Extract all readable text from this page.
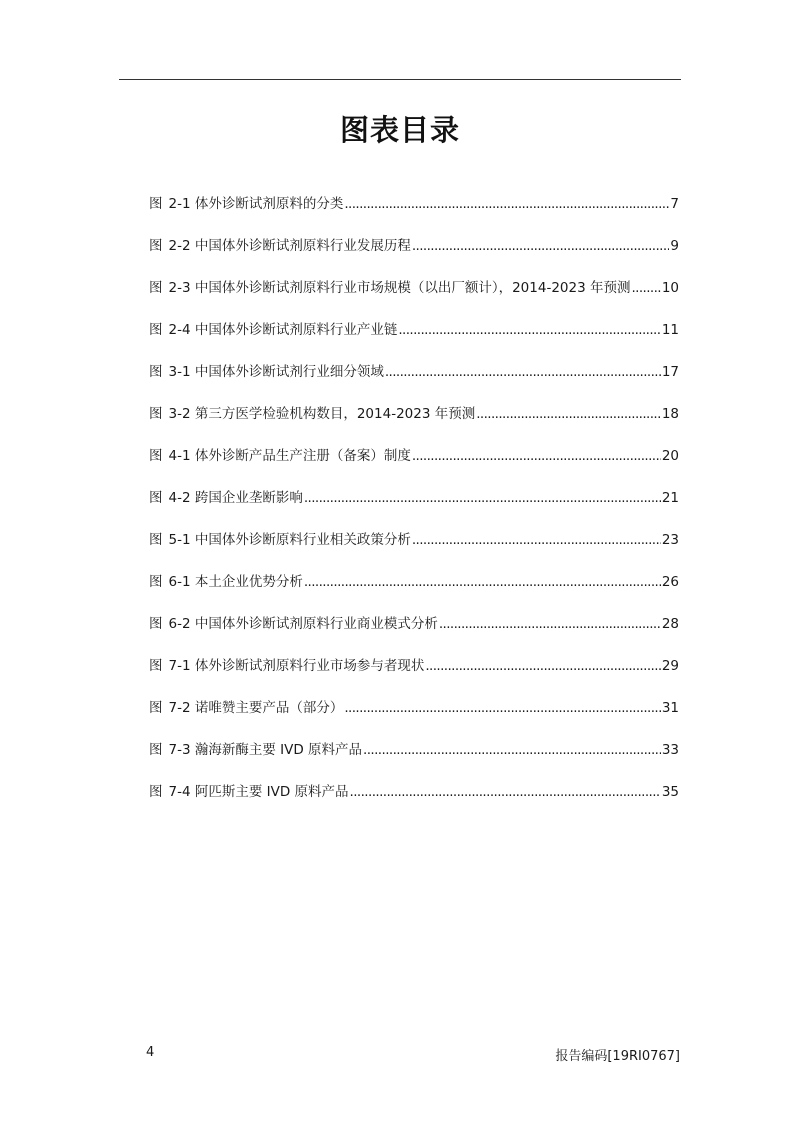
图表目录
图 2-1 体外诊断试剂原料的分类 .....	7
图 2-2 中国体外诊断试剂原料行业发展历程 .....	9
图 2-3 中国体外诊断试剂原料行业市场规模（以出厂额计），2014-2023 年预测 ..... 10
图 2-4 中国体外诊断试剂原料行业产业链 .....	11
图 3-1 中国体外诊断试剂行业细分领域 .....	17
图 3-2 第三方医学检验机构数目，2014-2023 年预测 .....	18
图 4-1 体外诊断产品生产注册（备案）制度 .....	20
图 4-2 跨国企业垄断影响 .....	21
图 5-1 中国体外诊断原料行业相关政策分析 .....	23
图 6-1 本土企业优势分析 .....	26
图 6-2 中国体外诊断试剂原料行业商业模式分析 .....	28
图 7-1 体外诊断试剂原料行业市场参与者现状 .....	29
图 7-2 诺唯赞主要产品（部分） .....	31
图 7-3 瀚海新酶主要 IVD 原料产品 .....	33
图 7-4 阿匹斯主要 IVD 原料产品 .....	35
4	报告编码[19RI0767]
